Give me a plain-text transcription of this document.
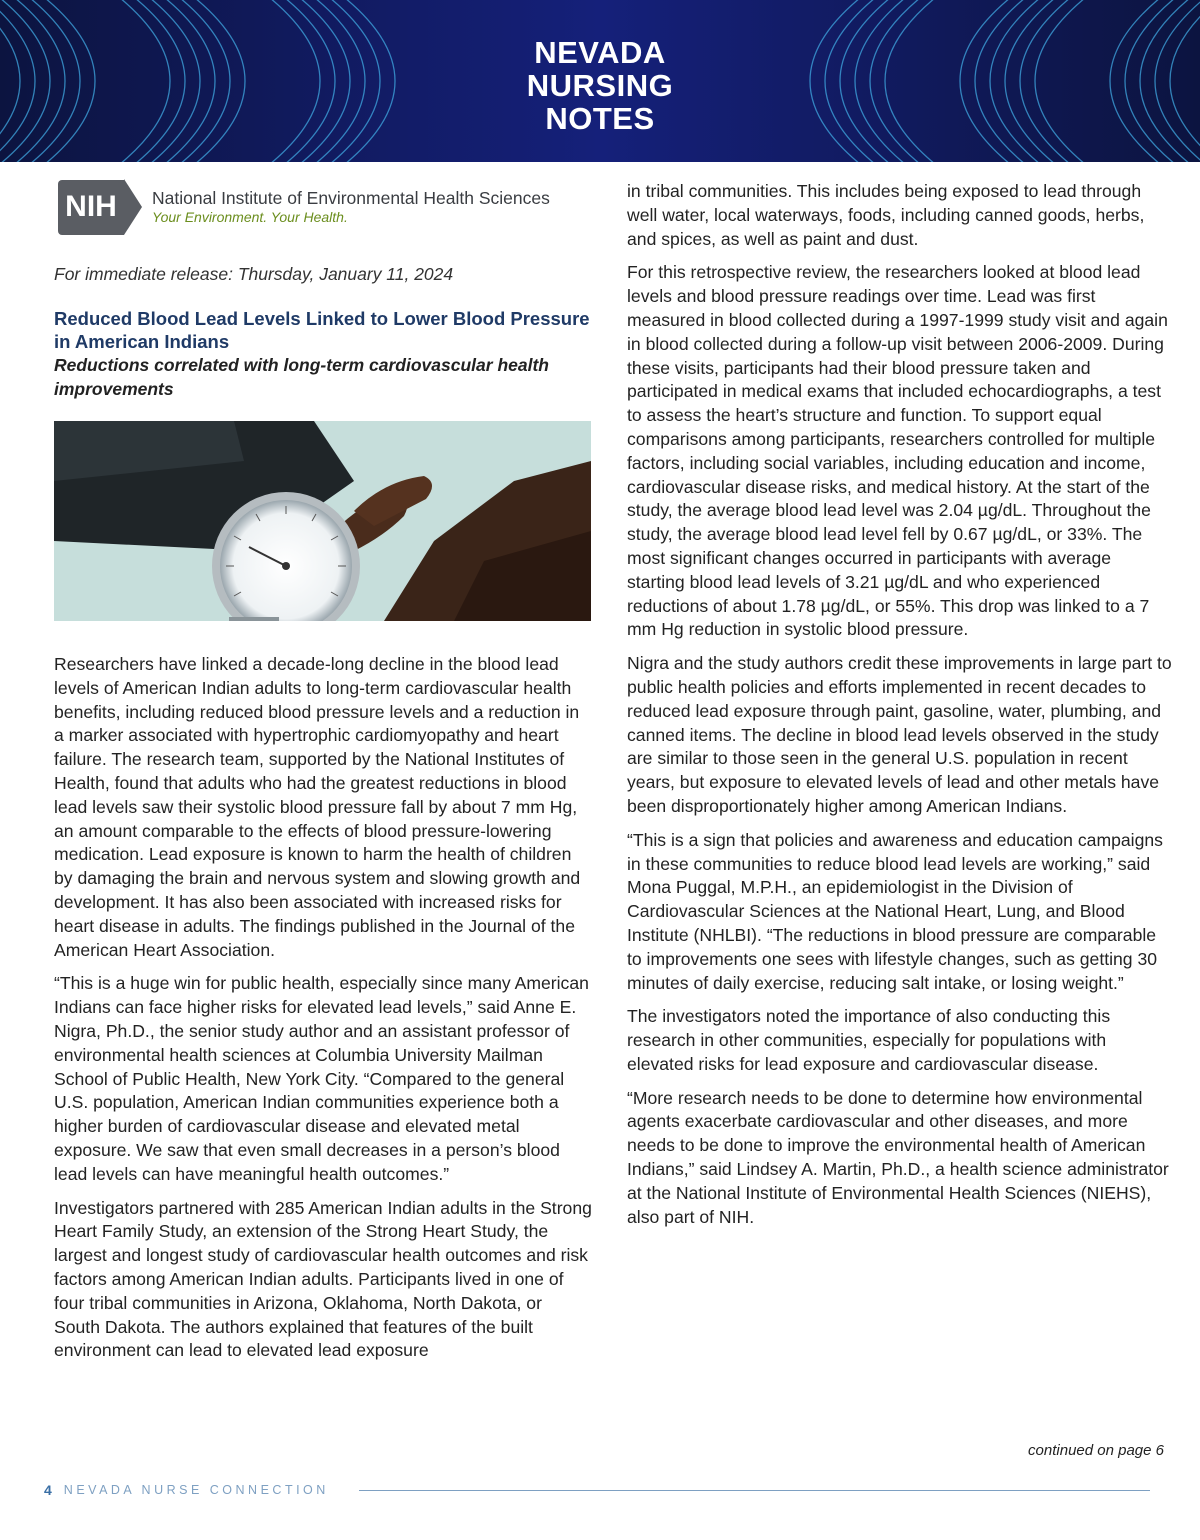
NEVADA
NURSING
NOTES
NIH	National Institute of Environmental Health Sciences
Your Environment. Your Health.
For immediate release: Thursday, January 11, 2024
Reduced Blood Lead Levels Linked to Lower Blood Pressure in American Indians
Reductions correlated with long-term cardiovascular health improvements

Researchers have linked a decade-long decline in the blood lead levels of American Indian adults to long-term cardiovascular health benefits, including reduced blood pressure levels and a reduction in a marker associated with hypertrophic cardiomyopathy and heart failure. The research team, supported by the National Institutes of Health, found that adults who had the greatest reductions in blood lead levels saw their systolic blood pressure fall by about 7 mm Hg, an amount comparable to the effects of blood pressure-lowering medication. Lead exposure is known to harm the health of children by damaging the brain and nervous system and slowing growth and development. It has also been associated with increased risks for heart disease in adults. The findings published in the Journal of the American Heart Association.

“This is a huge win for public health, especially since many American Indians can face higher risks for elevated lead levels,” said Anne E. Nigra, Ph.D., the senior study author and an assistant professor of environmental health sciences at Columbia University Mailman School of Public Health, New York City. “Compared to the general U.S. population, American Indian communities experience both a higher burden of cardiovascular disease and elevated metal exposure. We saw that even small decreases in a person’s blood lead levels can have meaningful health outcomes.”

Investigators partnered with 285 American Indian adults in the Strong Heart Family Study, an extension of the Strong Heart Study, the largest and longest study of cardiovascular health outcomes and risk factors among American Indian adults. Participants lived in one of four tribal communities in Arizona, Oklahoma, North Dakota, or South Dakota. The authors explained that features of the built environment can lead to elevated lead exposure

in tribal communities. This includes being exposed to lead through well water, local waterways, foods, including canned goods, herbs, and spices, as well as paint and dust.

For this retrospective review, the researchers looked at blood lead levels and blood pressure readings over time. Lead was first measured in blood collected during a 1997-1999 study visit and again in blood collected during a follow-up visit between 2006-2009. During these visits, participants had their blood pressure taken and participated in medical exams that included echocardiographs, a test to assess the heart’s structure and function. To support equal comparisons among participants, researchers controlled for multiple factors, including social variables, including education and income, cardiovascular disease risks, and medical history. At the start of the study, the average blood lead level was 2.04 µg/dL. Throughout the study, the average blood lead level fell by 0.67 µg/dL, or 33%. The most significant changes occurred in participants with average starting blood lead levels of 3.21 µg/dL and who experienced reductions of about 1.78 µg/dL, or 55%. This drop was linked to a 7 mm Hg reduction in systolic blood pressure.

Nigra and the study authors credit these improvements in large part to public health policies and efforts implemented in recent decades to reduced lead exposure through paint, gasoline, water, plumbing, and canned items. The decline in blood lead levels observed in the study are similar to those seen in the general U.S. population in recent years, but exposure to elevated levels of lead and other metals have been disproportionately higher among American Indians.

“This is a sign that policies and awareness and education campaigns in these communities to reduce blood lead levels are working,” said Mona Puggal, M.P.H., an epidemiologist in the Division of Cardiovascular Sciences at the National Heart, Lung, and Blood Institute (NHLBI). “The reductions in blood pressure are comparable to improvements one sees with lifestyle changes, such as getting 30 minutes of daily exercise, reducing salt intake, or losing weight.”

The investigators noted the importance of also conducting this research in other communities, especially for populations with elevated risks for lead exposure and cardiovascular disease.

“More research needs to be done to determine how environmental agents exacerbate cardiovascular and other diseases, and more needs to be done to improve the environmental health of American Indians,” said Lindsey A. Martin, Ph.D., a health science administrator at the National Institute of Environmental Health Sciences (NIEHS), also part of NIH.

continued on page 6
4 NEVADA NURSE CONNECTION
